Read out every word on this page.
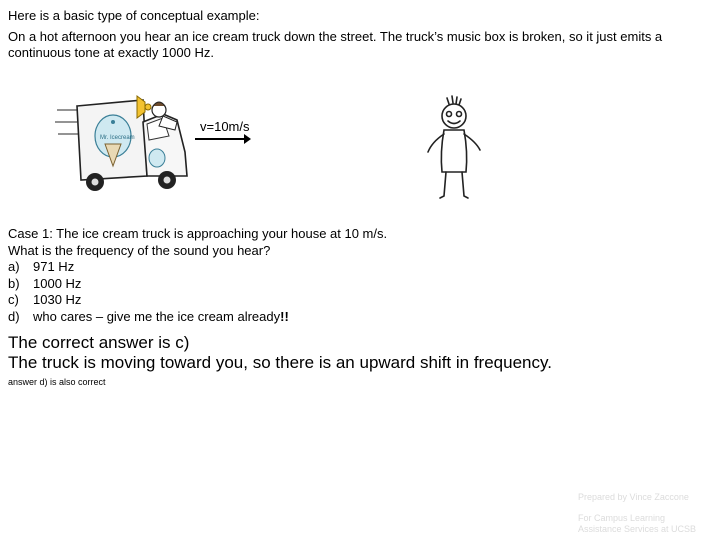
Here is a basic type of conceptual example:
On a hot afternoon you hear an ice cream truck down the street. The truck’s music box is broken, so it just emits a continuous tone at exactly 1000 Hz.
Mr. Icecream
v=10m/s
Case 1: The ice cream truck is approaching your house at 10 m/s.
What is the frequency of the sound you hear?
a)	971 Hz
b)	1000 Hz
c)	1030 Hz
d)	who cares – give me the ice cream already!!
The correct answer is c)
The truck is moving toward you, so there is an upward shift in frequency.
answer d) is also correct

Prepared by Vince Zaccone

For Campus Learning
Assistance Services at UCSB
